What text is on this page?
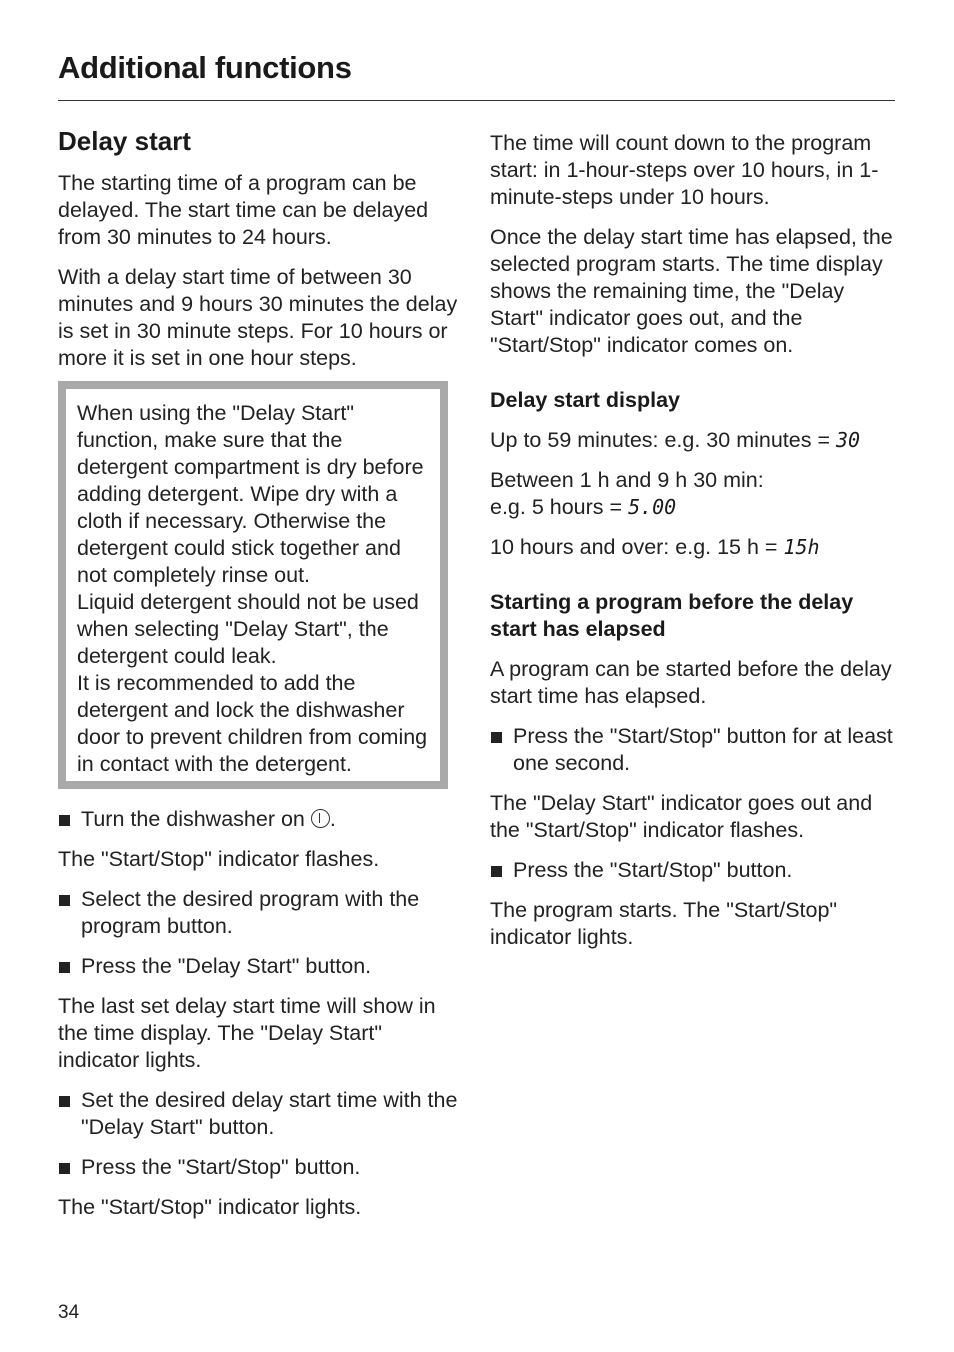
Additional functions
Delay start

The starting time of a program can be delayed. The start time can be delayed from 30 minutes to 24 hours.

With a delay start time of between 30 minutes and 9 hours 30 minutes the delay is set in 30 minute steps. For 10 hours or more it is set in one hour steps.

When using the "Delay Start" function, make sure that the detergent compartment is dry before adding detergent. Wipe dry with a cloth if necessary. Otherwise the detergent could stick together and not completely rinse out.

Liquid detergent should not be used when selecting "Delay Start", the detergent could leak.

It is recommended to add the detergent and lock the dishwasher door to prevent children from coming in contact with the detergent.

Turn the dishwasher on .

The "Start/Stop" indicator flashes.

Select the desired program with the program button.

Press the "Delay Start" button.

The last set delay start time will show in the time display. The "Delay Start" indicator lights.

Set the desired delay start time with the "Delay Start" button.

Press the "Start/Stop" button.

The "Start/Stop" indicator lights.

The time will count down to the program start: in 1-hour-steps over 10 hours, in 1-minute-steps under 10 hours.

Once the delay start time has elapsed, the selected program starts. The time display shows the remaining time, the "Delay Start" indicator goes out, and the "Start/Stop" indicator comes on.

Delay start display

Up to 59 minutes: e.g. 30 minutes = 30

Between 1 h and 9 h 30 min:
e.g. 5 hours = 5.00

10 hours and over: e.g. 15 h = 15h

Starting a program before the delay start has elapsed

A program can be started before the delay start time has elapsed.

Press the "Start/Stop" button for at least one second.

The "Delay Start" indicator goes out and the "Start/Stop" indicator flashes.

Press the "Start/Stop" button.

The program starts. The "Start/Stop" indicator lights.

34
